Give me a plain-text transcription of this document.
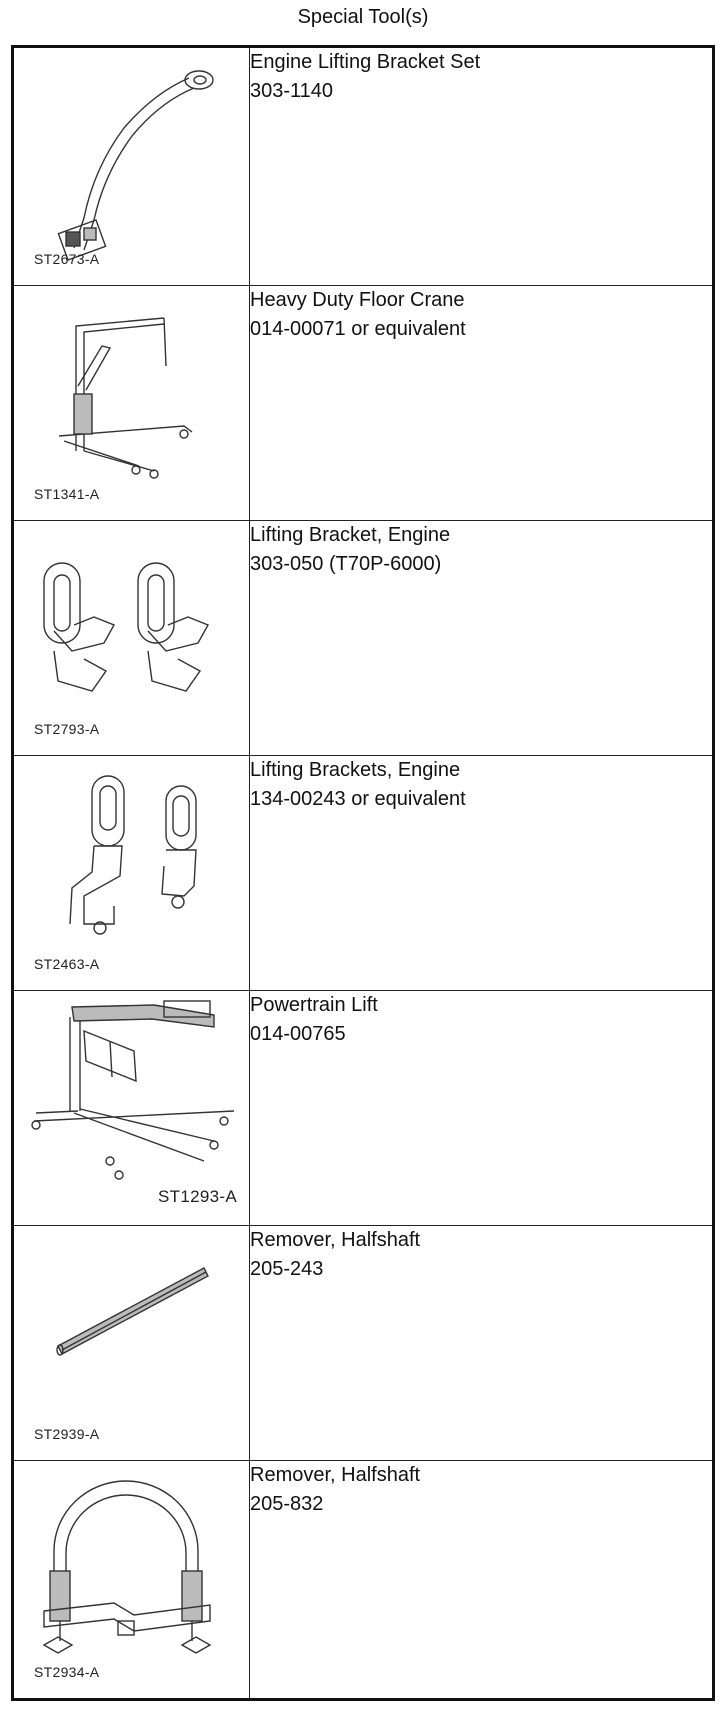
Special Tool(s)
ST2673-A	Engine Lifting Bracket Set
303-1140

ST1341-A	Heavy Duty Floor Crane
014-00071 or equivalent

ST2793-A	Lifting Bracket, Engine
303-050 (T70P-6000)

ST2463-A	Lifting Brackets, Engine
134-00243 or equivalent

ST1293-A	Powertrain Lift
014-00765

ST2939-A	Remover, Halfshaft
205-243

ST2934-A	Remover, Halfshaft
205-832
